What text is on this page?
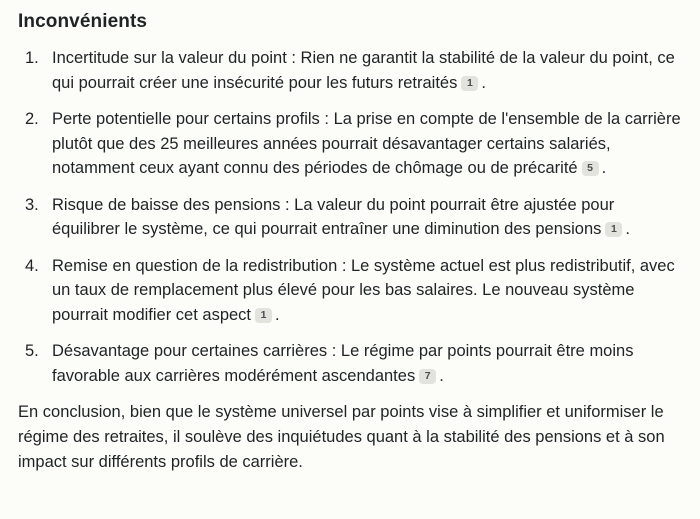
Inconvénients
1. Incertitude sur la valeur du point : Rien ne garantit la stabilité de la valeur du point, ce qui pourrait créer une insécurité pour les futurs retraités 1 .
2. Perte potentielle pour certains profils : La prise en compte de l'ensemble de la carrière plutôt que des 25 meilleures années pourrait désavantager certains salariés, notamment ceux ayant connu des périodes de chômage ou de précarité 5 .
3. Risque de baisse des pensions : La valeur du point pourrait être ajustée pour équilibrer le système, ce qui pourrait entraîner une diminution des pensions 1 .
4. Remise en question de la redistribution : Le système actuel est plus redistributif, avec un taux de remplacement plus élevé pour les bas salaires. Le nouveau système pourrait modifier cet aspect 1 .
5. Désavantage pour certaines carrières : Le régime par points pourrait être moins favorable aux carrières modérément ascendantes 7 .

En conclusion, bien que le système universel par points vise à simplifier et uniformiser le régime des retraites, il soulève des inquiétudes quant à la stabilité des pensions et à son impact sur différents profils de carrière.
